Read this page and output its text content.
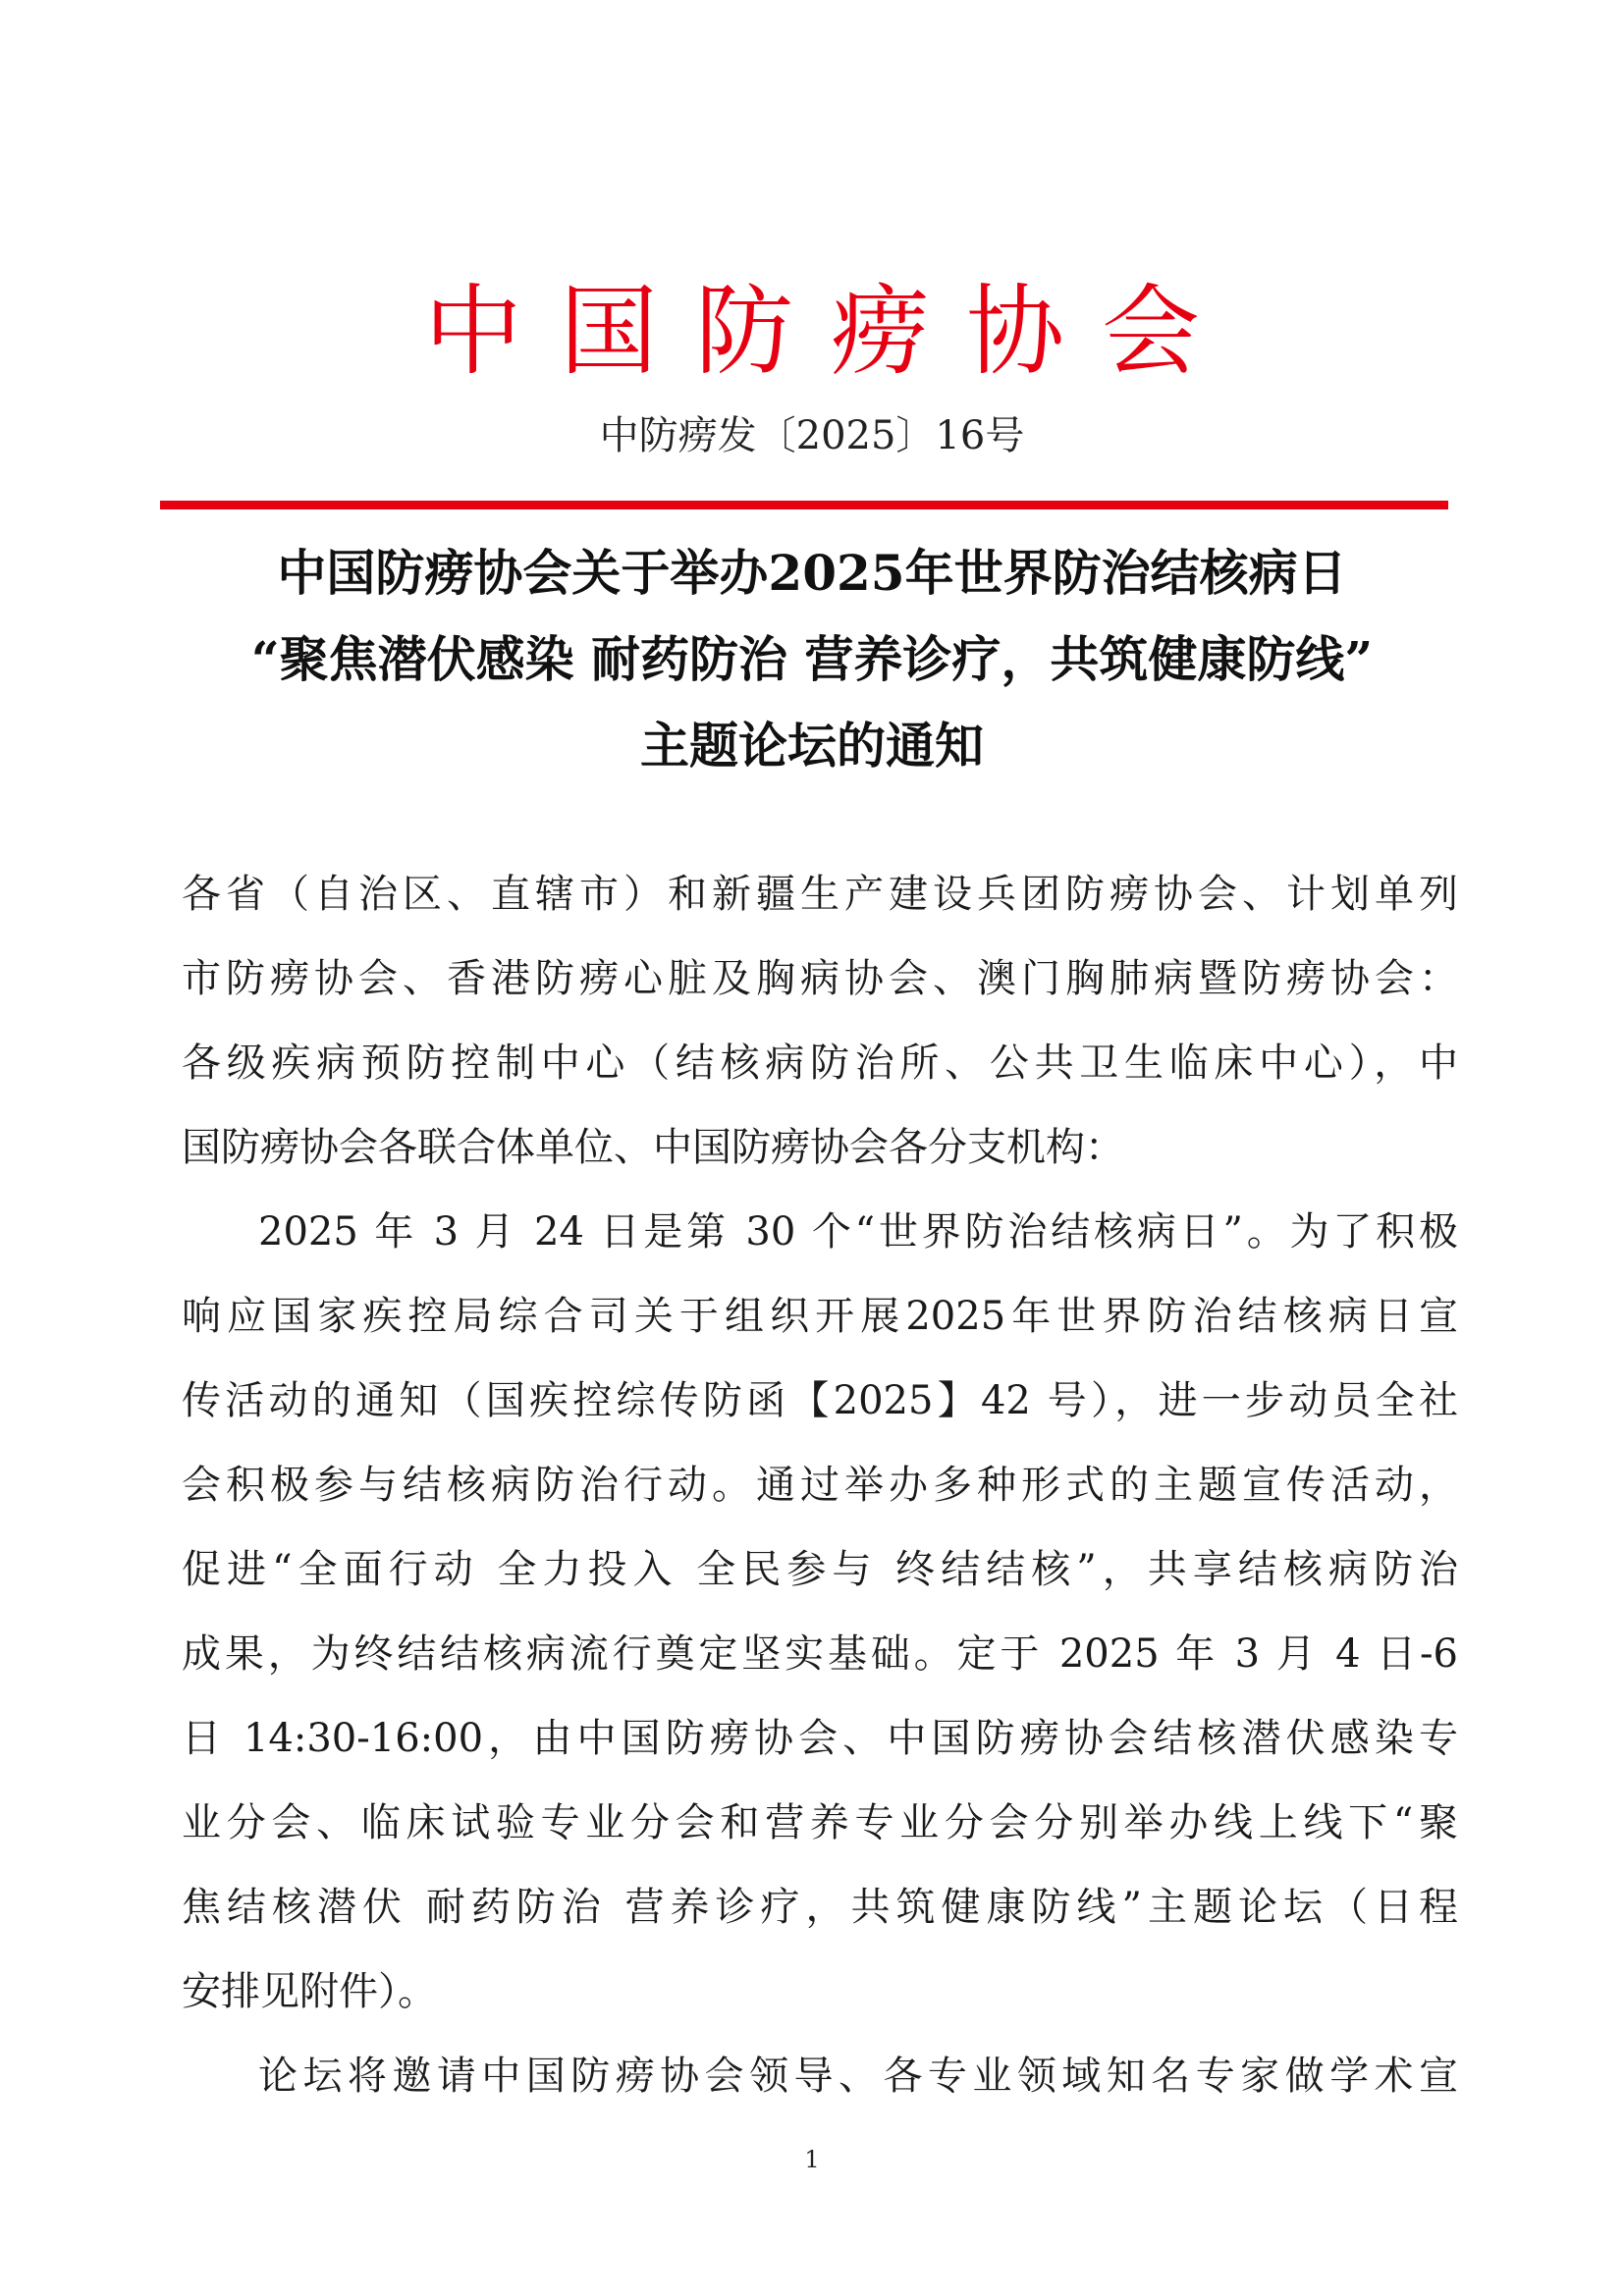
中国防痨协会
中防痨发〔2025〕16号
中国防痨协会关于举办2025年世界防治结核病日
“聚焦潜伏感染 耐药防治 营养诊疗，共筑健康防线”
主题论坛的通知
各省（自治区、直辖市）和新疆生产建设兵团防痨协会、计划单列
市防痨协会、香港防痨心脏及胸病协会、澳门胸肺病暨防痨协会：
各级疾病预防控制中心（结核病防治所、公共卫生临床中心），中
国防痨协会各联合体单位、中国防痨协会各分支机构：
2025 年 3 月 24 日是第 30 个“世界防治结核病日”。为了积极
响应国家疾控局综合司关于组织开展2025年世界防治结核病日宣
传活动的通知（国疾控综传防函【2025】42 号），进一步动员全社
会积极参与结核病防治行动。通过举办多种形式的主题宣传活动，
促进“全面行动 全力投入 全民参与 终结结核”，共享结核病防治
成果，为终结结核病流行奠定坚实基础。定于 2025 年 3 月 4 日-6
日 14:30-16:00，由中国防痨协会、中国防痨协会结核潜伏感染专
业分会、临床试验专业分会和营养专业分会分别举办线上线下“聚
焦结核潜伏 耐药防治 营养诊疗，共筑健康防线”主题论坛（日程
安排见附件）。
论坛将邀请中国防痨协会领导、各专业领域知名专家做学术宣
1
